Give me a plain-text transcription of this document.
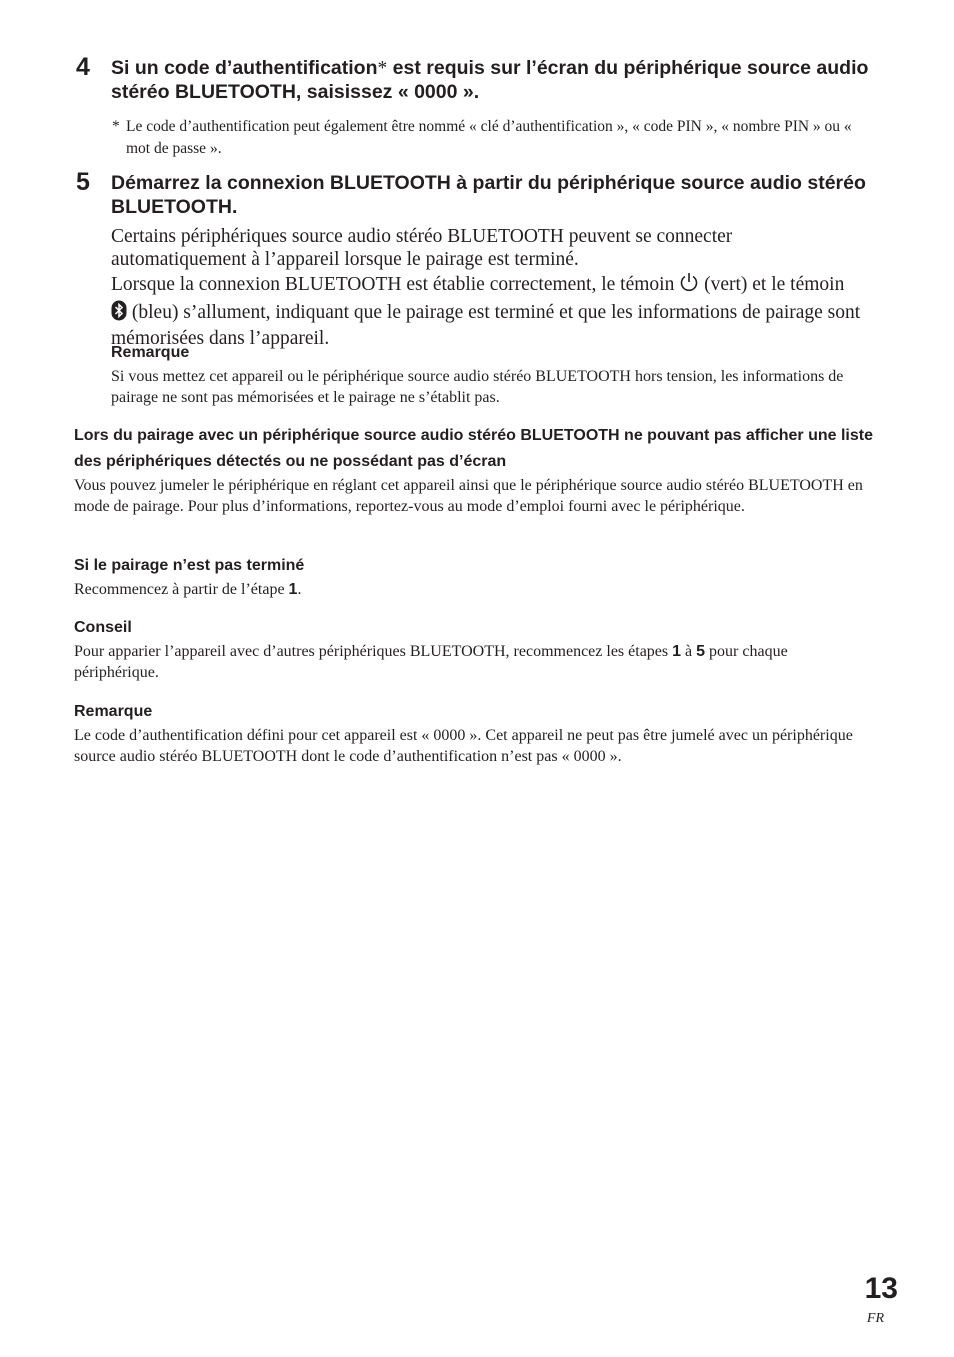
4 Si un code d’authentification* est requis sur l’écran du périphérique source audio stéréo BLUETOOTH, saisissez « 0000 ».
* Le code d’authentification peut également être nommé « clé d’authentification », « code PIN », « nombre PIN » ou « mot de passe ».
5 Démarrez la connexion BLUETOOTH à partir du périphérique source audio stéréo BLUETOOTH.
Certains périphériques source audio stéréo BLUETOOTH peuvent se connecter automatiquement à l’appareil lorsque le pairage est terminé.
Lorsque la connexion BLUETOOTH est établie correctement, le témoin  (vert) et le témoin  (bleu) s’allument, indiquant que le pairage est terminé et que les informations de pairage sont mémorisées dans l’appareil.
Remarque
Si vous mettez cet appareil ou le périphérique source audio stéréo BLUETOOTH hors tension, les informations de pairage ne sont pas mémorisées et le pairage ne s’établit pas.
Lors du pairage avec un périphérique source audio stéréo BLUETOOTH ne pouvant pas afficher une liste des périphériques détectés ou ne possédant pas d’écran
Vous pouvez jumeler le périphérique en réglant cet appareil ainsi que le périphérique source audio stéréo BLUETOOTH en mode de pairage. Pour plus d’informations, reportez-vous au mode d’emploi fourni avec le périphérique.
Si le pairage n’est pas terminé
Recommencez à partir de l’étape 1.
Conseil
Pour apparier l’appareil avec d’autres périphériques BLUETOOTH, recommencez les étapes 1 à 5 pour chaque périphérique.
Remarque
Le code d’authentification défini pour cet appareil est « 0000 ». Cet appareil ne peut pas être jumelé avec un périphérique source audio stéréo BLUETOOTH dont le code d’authentification n’est pas « 0000 ».
13
FR
